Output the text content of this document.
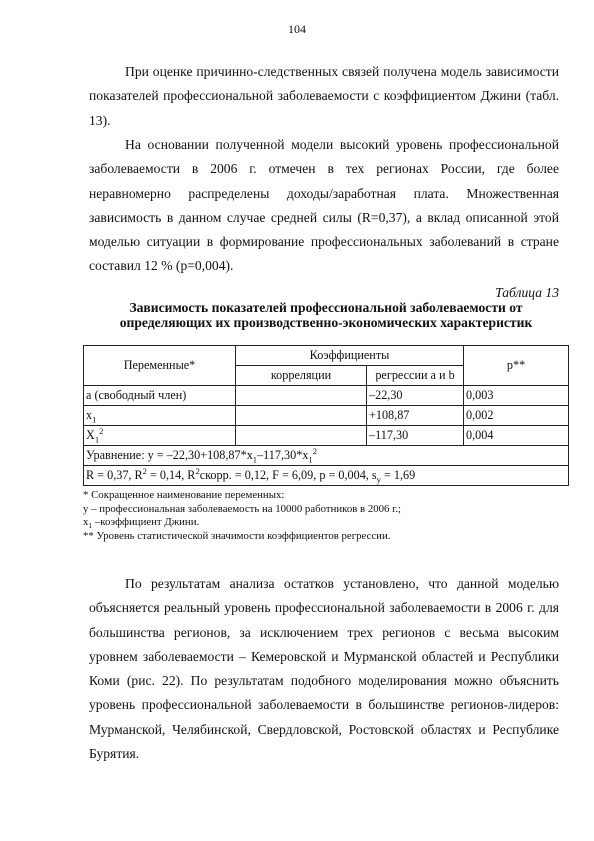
104

При оценке причинно-следственных связей получена модель зависимости показателей профессиональной заболеваемости с коэффициентом Джини (табл. 13).

На основании полученной модели высокий уровень профессиональной заболеваемости в 2006 г. отмечен в тех регионах России, где более неравномерно распределены доходы/заработная плата. Множественная зависимость в данном случае средней силы (R=0,37), а вклад описанной этой моделью ситуации в формирование профессиональных заболеваний в стране составил 12 % (p=0,004).

Таблица 13
Зависимость показателей профессиональной заболеваемости от определяющих их производственно-экономических характеристик
Переменные*	Коэффициенты		p**
	корреляции	регрессии a и b	
a (свободный член)		–22,30	0,003
$x_1$		+108,87	0,002
$X_1^2$		–117,30	0,004
Уравнение: $y = -22,30+108,87*x_1-117,30*x_1^2$
R = 0,37, $R^2 = 0,14$, $R^2скорр$. = 0,12, F = 6,09, p = 0,004, $s_y = 1,69$			
* Сокращенное наименование переменных:
y – профессиональная заболеваемость на 10000 работников в 2006 г.;
$x_1$ –коэффициент Джини.
** Уровень статистической значимости коэффициентов регрессии.

По результатам анализа остатков установлено, что данной моделью объясняется реальный уровень профессиональной заболеваемости в 2006 г. для большинства регионов, за исключением трех регионов с весьма высоким уровнем заболеваемости – Кемеровской и Мурманской областей и Республики Коми (рис. 22). По результатам подобного моделирования можно объяснить уровень профессиональной заболеваемости в большинстве регионов-лидеров: Мурманской, Челябинской, Свердловской, Ростовской областях и Республике Бурятия.
